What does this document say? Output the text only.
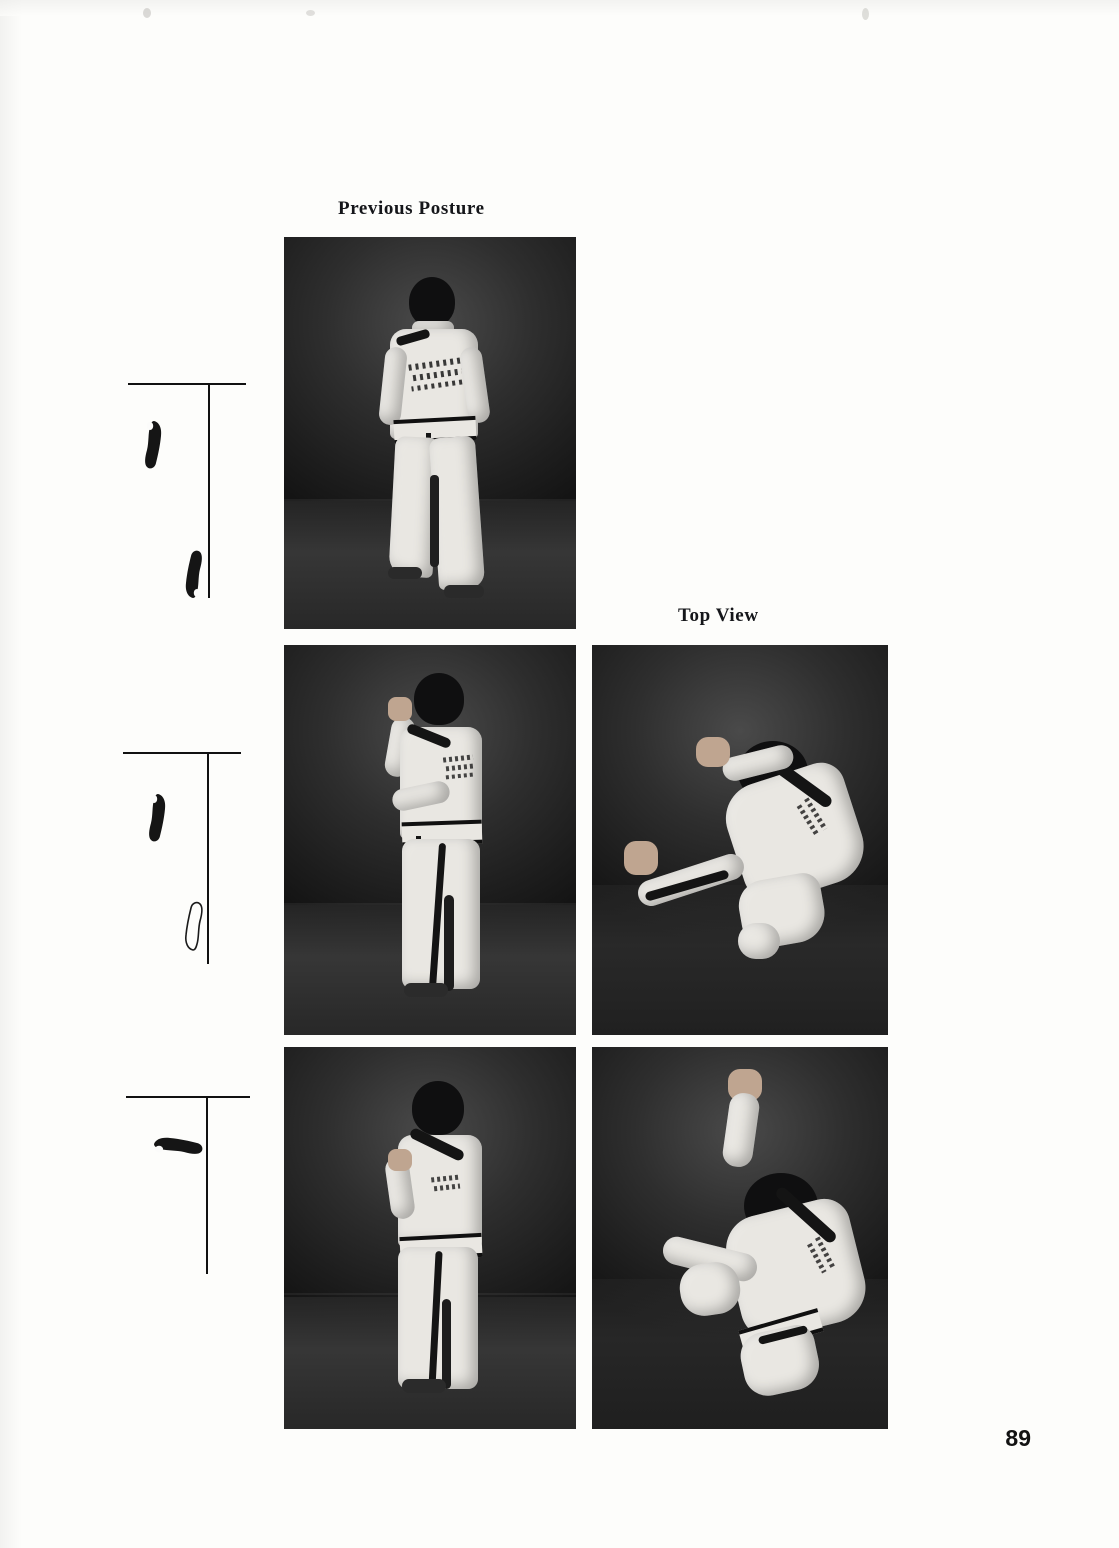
Previous Posture
Top View
89
